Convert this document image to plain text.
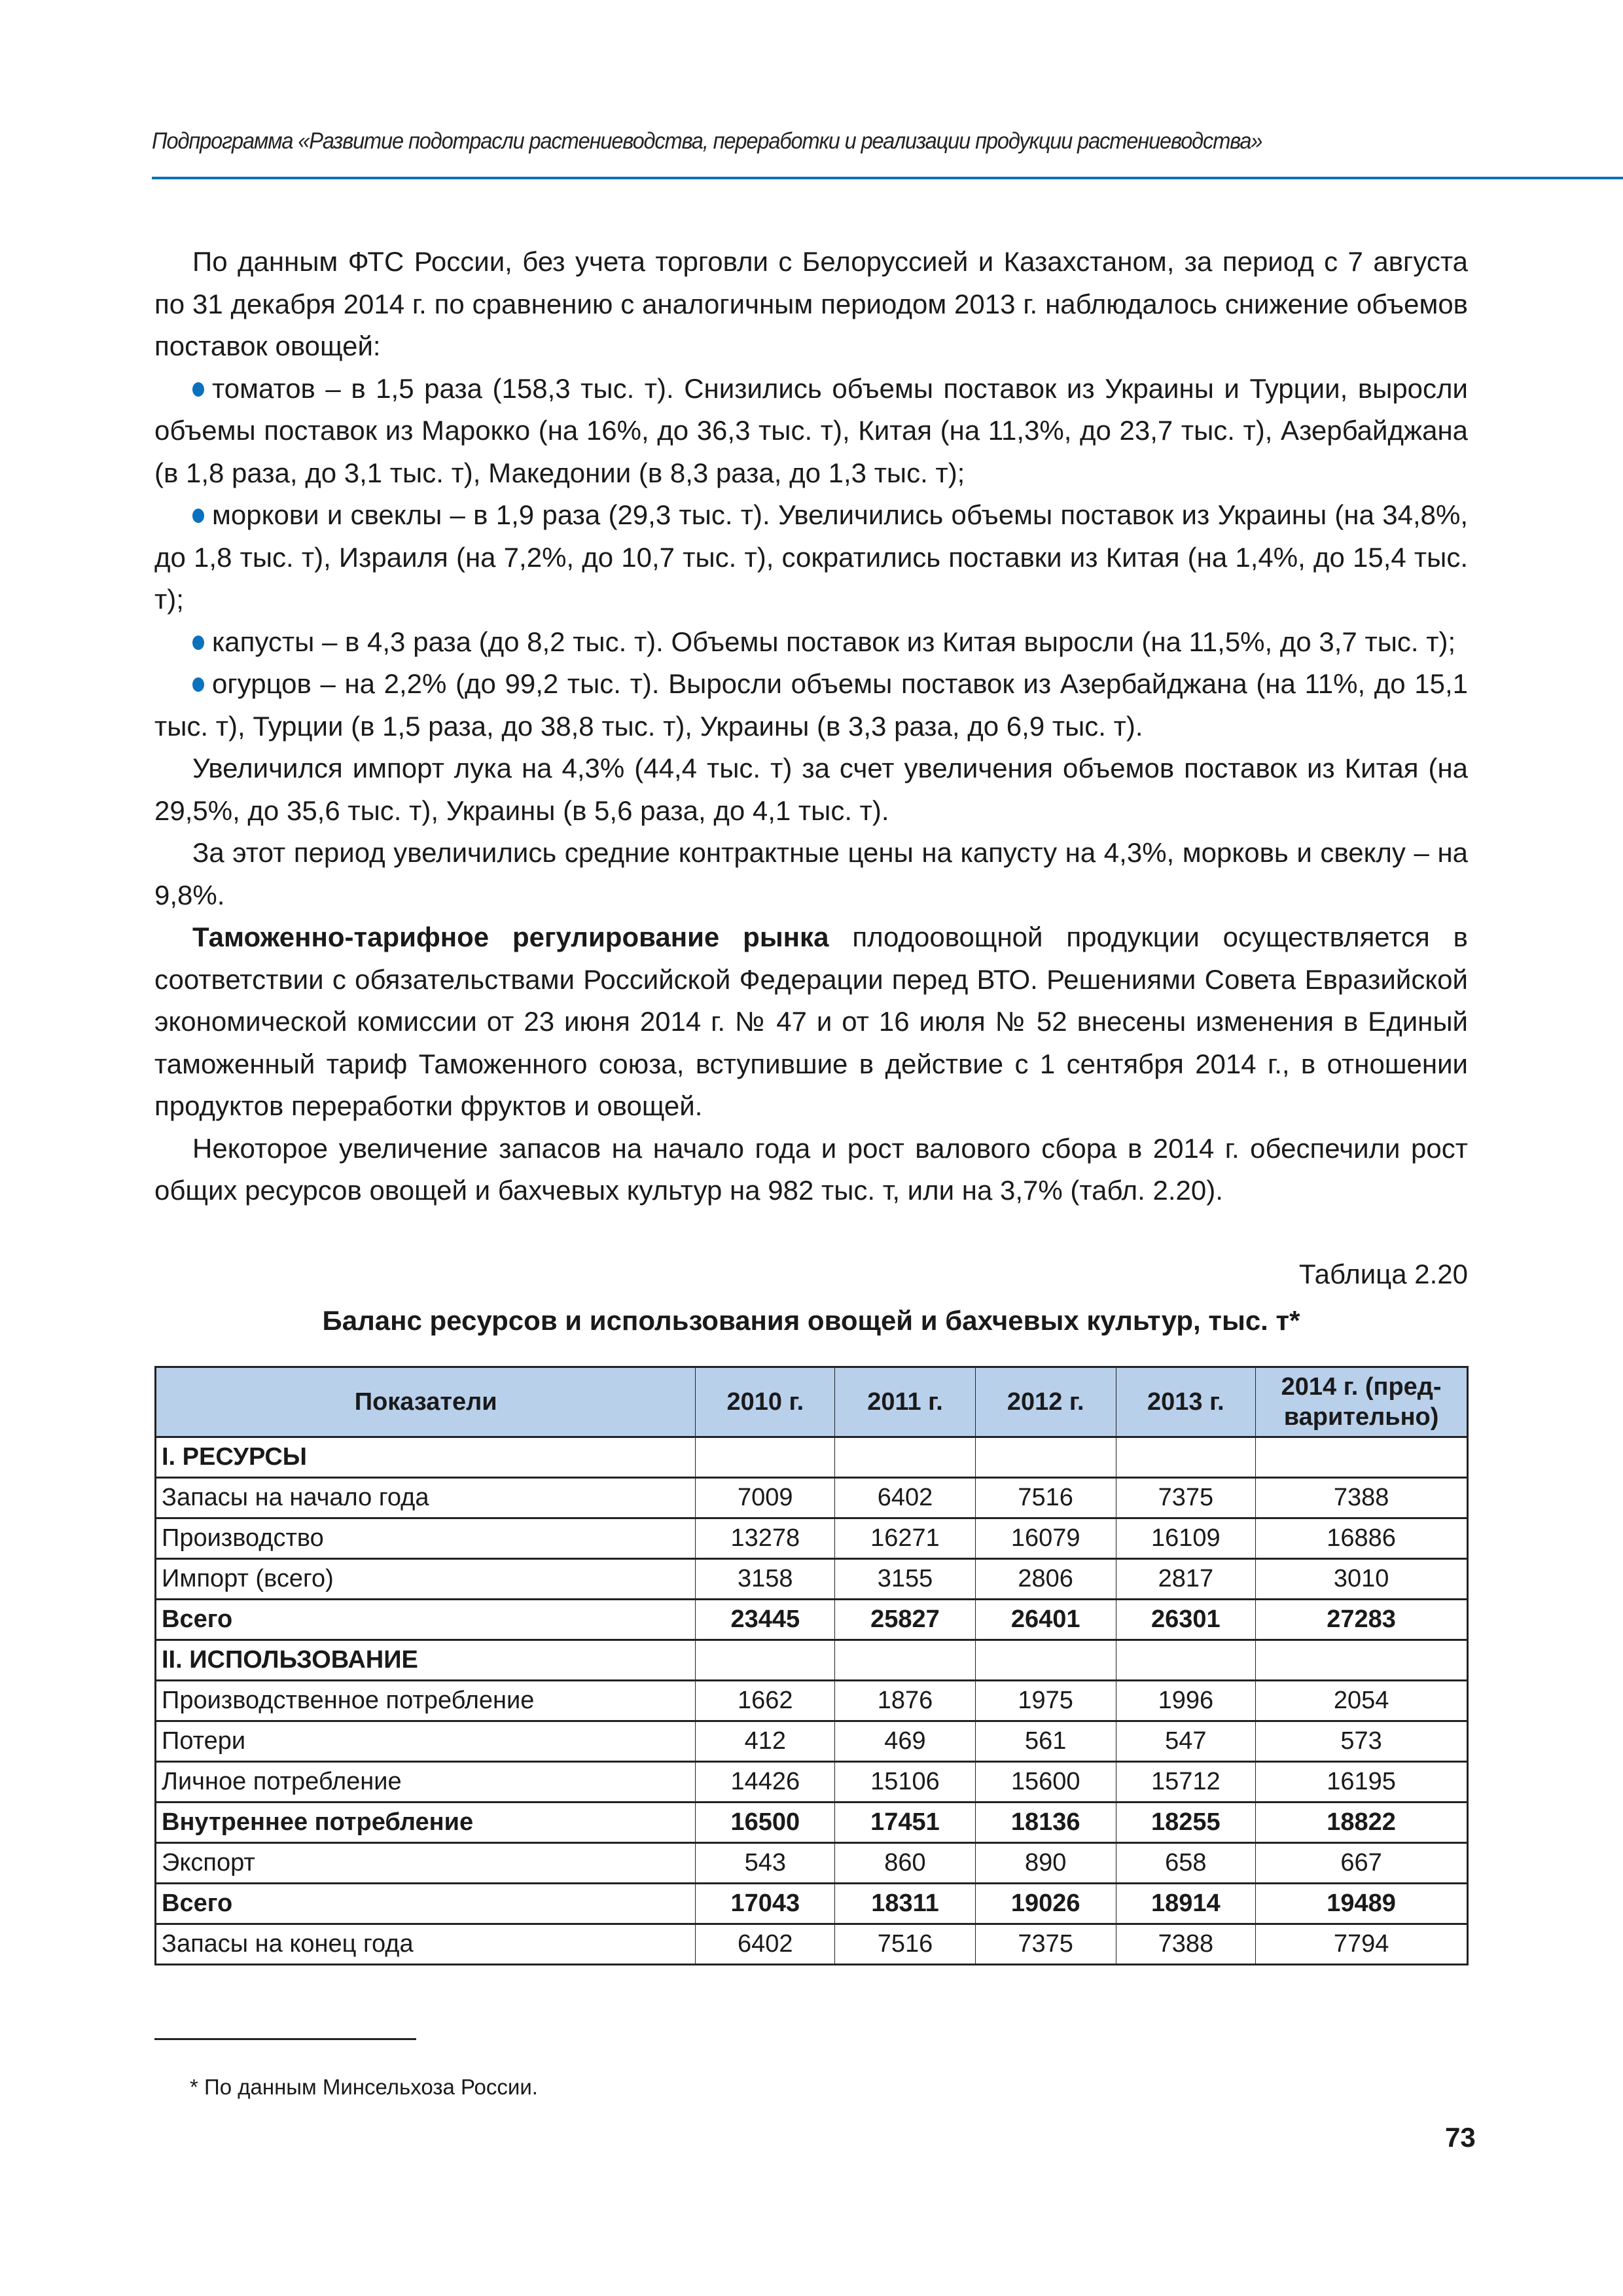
Подпрограмма «Развитие подотрасли растениеводства, переработки и реализации продукции растениеводства»

По данным ФТС России, без учета торговли с Белоруссией и Казахстаном, за период с 7 августа по 31 декабря 2014 г. по сравнению с аналогичным периодом 2013 г. наблюдалось снижение объемов поставок овощей:

томатов – в 1,5 раза (158,3 тыс. т). Снизились объемы поставок из Украины и Турции, выросли объемы поставок из Марокко (на 16%, до 36,3 тыс. т), Китая (на 11,3%, до 23,7 тыс. т), Азербайджана (в 1,8 раза, до 3,1 тыс. т), Македонии (в 8,3 раза, до 1,3 тыс. т);

моркови и свеклы – в 1,9 раза (29,3 тыс. т). Увеличились объемы поставок из Украины (на 34,8%, до 1,8 тыс. т), Израиля (на 7,2%, до 10,7 тыс. т), сократились поставки из Китая (на 1,4%, до 15,4 тыс. т);

капусты – в 4,3 раза (до 8,2 тыс. т). Объемы поставок из Китая выросли (на 11,5%, до 3,7 тыс. т);

огурцов – на 2,2% (до 99,2 тыс. т). Выросли объемы поставок из Азербайджана (на 11%, до 15,1 тыс. т), Турции (в 1,5 раза, до 38,8 тыс. т), Украины (в 3,3 раза, до 6,9 тыс. т).

Увеличился импорт лука на 4,3% (44,4 тыс. т) за счет увеличения объемов поставок из Китая (на 29,5%, до 35,6 тыс. т), Украины (в 5,6 раза, до 4,1 тыс. т).

За этот период увеличились средние контрактные цены на капусту на 4,3%, морковь и свеклу – на 9,8%.

Таможенно-тарифное регулирование рынка плодоовощной продукции осуществляется в соответствии с обязательствами Российской Федерации перед ВТО. Решениями Совета Евразийской экономической комиссии от 23 июня 2014 г. № 47 и от 16 июля № 52 внесены изменения в Единый таможенный тариф Таможенного союза, вступившие в действие с 1 сентября 2014 г., в отношении продуктов переработки фруктов и овощей.

Некоторое увеличение запасов на начало года и рост валового сбора в 2014 г. обеспечили рост общих ресурсов овощей и бахчевых культур на 982 тыс. т, или на 3,7% (табл. 2.20).

Таблица 2.20
Баланс ресурсов и использования овощей и бахчевых культур, тыс. т*
Показатели	2010 г.	2011 г.	2012 г.	2013 г.	2014 г. (пред-варительно)
I. РЕСУРСЫ					
Запасы на начало года	7009	6402	7516	7375	7388
Производство	13278	16271	16079	16109	16886
Импорт (всего)	3158	3155	2806	2817	3010
Всего	23445	25827	26401	26301	27283
II. ИСПОЛЬЗОВАНИЕ					
Производственное потребление	1662	1876	1975	1996	2054
Потери	412	469	561	547	573
Личное потребление	14426	15106	15600	15712	16195
Внутреннее потребление	16500	17451	18136	18255	18822
Экспорт	543	860	890	658	667
Всего	17043	18311	19026	18914	19489
Запасы на конец года	6402	7516	7375	7388	7794
* По данным Минсельхоза России.
73
